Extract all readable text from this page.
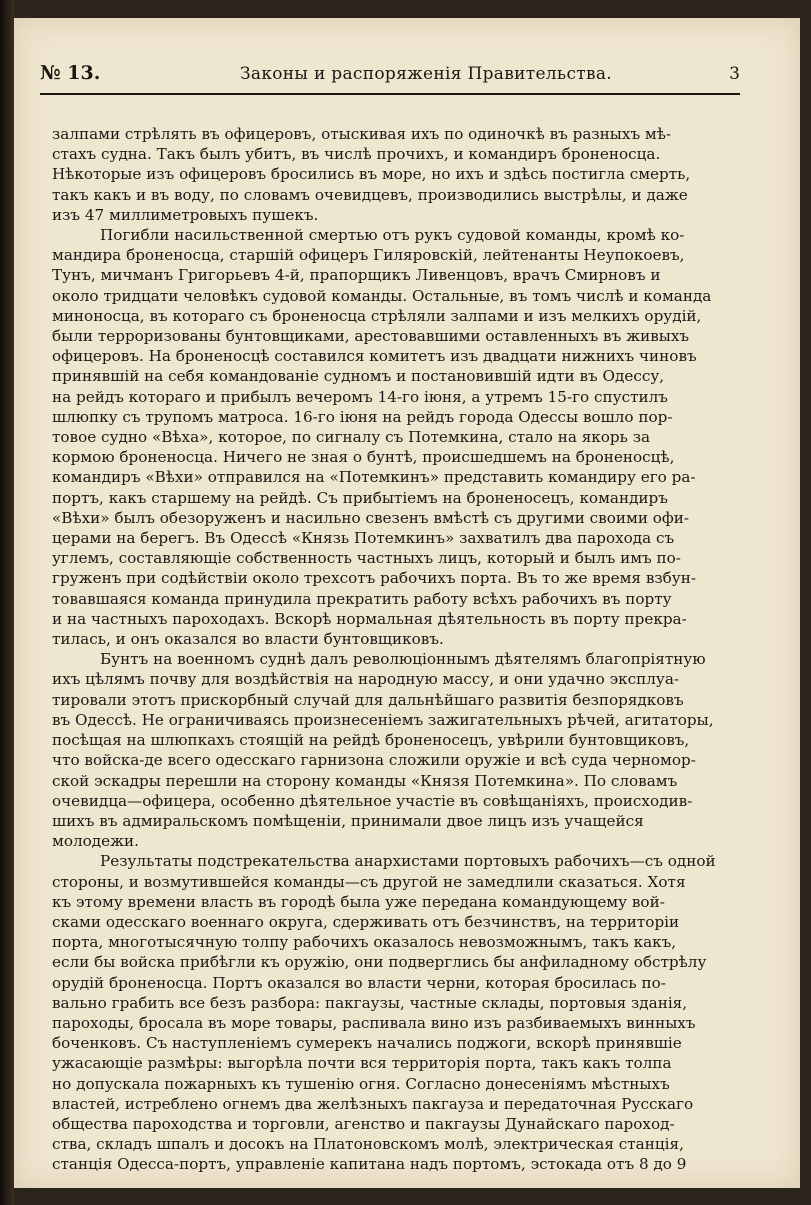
№ 13.	Законы и распоряженія Правительства.	3
залпами стрѣлять въ офицеровъ, отыскивая ихъ по одиночкѣ въ разныхъ мѣ-
стахъ судна. Такъ былъ убитъ, въ числѣ прочихъ, и командиръ броненосца.
Нѣкоторые изъ офицеровъ бросились въ море, но ихъ и здѣсь постигла смерть,
такъ какъ и въ воду, по словамъ очевидцевъ, производились выстрѣлы, и даже
изъ 47 миллиметровыхъ пушекъ.
Погибли насильственной смертью отъ рукъ судовой команды, кромѣ ко-
мандира броненосца, старшій офицеръ Гиляровскій, лейтенанты Неупокоевъ,
Тунъ, мичманъ Григорьевъ 4-й, прапорщикъ Ливенцовъ, врачъ Смирновъ и
около тридцати человѣкъ судовой команды. Остальные, въ томъ числѣ и команда
миноносца, въ котораго съ броненосца стрѣляли залпами и изъ мелкихъ орудій,
были терроризованы бунтовщиками, арестовавшими оставленныхъ въ живыхъ
офицеровъ. На броненосцѣ составился комитетъ изъ двадцати нижнихъ чиновъ
принявшій на себя командованіе судномъ и постановившій идти въ Одессу,
на рейдъ котораго и прибылъ вечеромъ 14-го іюня, а утремъ 15-го спустилъ
шлюпку съ трупомъ матроса. 16-го іюня на рейдъ города Одессы вошло пор-
товое судно «Вѣха», которое, по сигналу съ Потемкина, стало на якорь за
кормою броненосца. Ничего не зная о бунтѣ, происшедшемъ на броненосцѣ,
командиръ «Вѣхи» отправился на «Потемкинъ» представить командиру его ра-
портъ, какъ старшему на рейдѣ. Съ прибытіемъ на броненосецъ, командиръ
«Вѣхи» былъ обезоруженъ и насильно свезенъ вмѣстѣ съ другими своими офи-
церами на берегъ. Въ Одессѣ «Князь Потемкинъ» захватилъ два парохода съ
углемъ, составляющіе собственность частныхъ лицъ, который и былъ имъ по-
груженъ при содѣйствіи около трехсотъ рабочихъ порта. Въ то же время взбун-
товавшаяся команда принудила прекратить работу всѣхъ рабочихъ въ порту
и на частныхъ пароходахъ. Вскорѣ нормальная дѣятельность въ порту прекра-
тилась, и онъ оказался во власти бунтовщиковъ.
Бунтъ на военномъ суднѣ далъ революціоннымъ дѣятелямъ благопріятную
ихъ цѣлямъ почву для воздѣйствія на народную массу, и они удачно эксплуа-
тировали этотъ прискорбный случай для дальнѣйшаго развитія безпорядковъ
въ Одессѣ. Не ограничиваясь произнесеніемъ зажигательныхъ рѣчей, агитаторы,
посѣщая на шлюпкахъ стоящій на рейдѣ броненосецъ, увѣрили бунтовщиковъ,
что войска-де всего одесскаго гарнизона сложили оружіе и всѣ суда черномор-
ской эскадры перешли на сторону команды «Князя Потемкина». По словамъ
очевидца—офицера, особенно дѣятельное участіе въ совѣщаніяхъ, происходив-
шихъ въ адмиральскомъ помѣщеніи, принимали двое лицъ изъ учащейся
молодежи.
Результаты подстрекательства анархистами портовыхъ рабочихъ—съ одной
стороны, и возмутившейся команды—съ другой не замедлили сказаться. Хотя
къ этому времени власть въ городѣ была уже передана командующему вой-
сками одесскаго военнаго округа, сдерживать отъ безчинствъ, на территоріи
порта, многотысячную толпу рабочихъ оказалось невозможнымъ, такъ какъ,
если бы войска прибѣгли къ оружію, они подверглись бы анфиладному обстрѣлу
орудій броненосца. Портъ оказался во власти черни, которая бросилась по-
вально грабить все безъ разбора: пакгаузы, частные склады, портовыя зданія,
пароходы, бросала въ море товары, распивала вино изъ разбиваемыхъ винныхъ
боченковъ. Съ наступленіемъ сумерекъ начались поджоги, вскорѣ принявшіе
ужасающіе размѣры: выгорѣла почти вся территорія порта, такъ какъ толпа
но допускала пожарныхъ къ тушенію огня. Согласно донесеніямъ мѣстныхъ
властей, истреблено огнемъ два желѣзныхъ пакгауза и передаточная Русскаго
общества пароходства и торговли, агенство и пакгаузы Дунайскаго пароход-
ства, складъ шпалъ и досокъ на Платоновскомъ молѣ, электрическая станція,
станція Одесса-портъ, управленіе капитана надъ портомъ, эстокада отъ 8 до 9
